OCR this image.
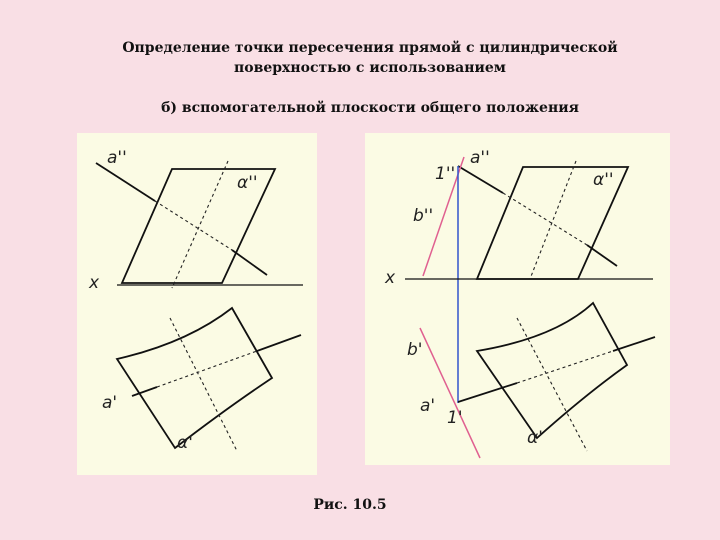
Определение точки пересечения прямой с цилиндрической
поверхностью с использованием
б) вспомогательной плоскости общего положения
a''
α''
x
a'
α'
1''
a''
α''
b''
x
b'
a'
1'
α'
Рис. 10.5
